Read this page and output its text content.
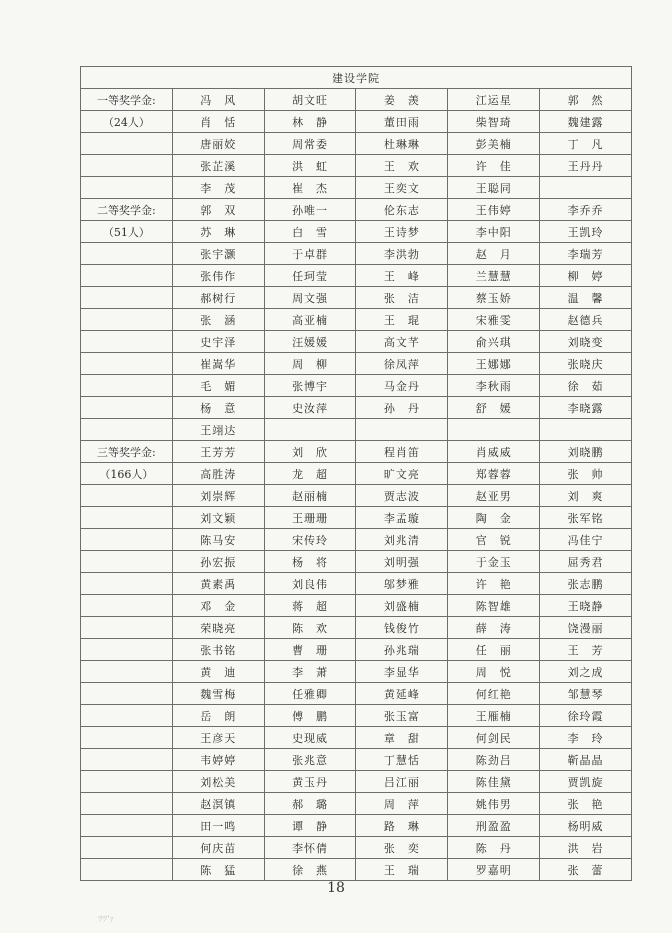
建设学院					
一等奖学金:	冯　风	胡文旺	姜　羡	江运星	郭　然
（24人）	肖　恬	林　静	董田雨	柴智琦	魏建露
	唐丽姣	周常委	杜琳琳	彭美楠	丁　凡
	张芷溪	洪　虹	王　欢	许　佳	王丹丹
	李　茂	崔　杰	王奕文	王聪同	
二等奖学金:	郭　双	孙唯一	伦东志	王伟婷	李乔乔
（51人）	苏　琳	白　雪	王诗梦	李中阳	王凯玲
	张宇灏	于卓群	李洪勃	赵　月	李瑞芳
	张伟作	任珂莹	王　峰	兰慧慧	柳　婷
	郝树行	周文强	张　洁	蔡玉娇	温　馨
	张　涵	高亚楠	王　琨	宋雅雯	赵德兵
	史宇泽	汪媛媛	高文芊	俞兴琪	刘晓变
	崔嵩华	周　柳	徐凤萍	王娜娜	张晓庆
	毛　媚	张博宇	马金丹	李秋雨	徐　茹
	杨　意	史汝萍	孙　丹	舒　媛	李晓露
	王翊达				
三等奖学金:	王芳芳	刘　欣	程肖笛	肖威威	刘晓鹏
（166人）	高胜涛	龙　超	旷文亮	郑蓉蓉	张　帅
	刘崇辉	赵丽楠	贾志波	赵亚男	刘　爽
	刘文颖	王珊珊	李孟璇	陶　金	张军铭
	陈马安	宋传玲	刘兆清	官　锐	冯佳宁
	孙宏振	杨　将	刘明强	于金玉	屈秀君
	黄素禹	刘良伟	邬梦雅	许　艳	张志鹏
	邓　金	蒋　超	刘盛楠	陈智雄	王晓静
	荣晓亮	陈　欢	钱俊竹	薛　涛	饶漫丽
	张书铭	曹　珊	孙兆瑞	任　丽	王　芳
	黄　迪	李　萧	李显华	周　悦	刘之成
	魏雪梅	任雅卿	黄延峰	何红艳	邹慧琴
	岳　朗	傅　鹏	张玉富	王雁楠	徐玲霞
	王彦天	史现威	章　甜	何剑民	李　玲
	韦婷婷	张兆意	丁慧恬	陈劲吕	靳晶晶
	刘松美	黄玉丹	吕江丽	陈佳黛	贾凯旋
	赵溟镇	郝　璐	周　萍	姚伟男	张　艳
	田一鸣	谭　静	路　琳	刑盈盈	杨明威
	何庆苗	李怀倩	张　奕	陈　丹	洪　岩
	陈　猛	徐　燕	王　瑞	罗嘉明	张　蕾
18
ﾂﾂ'ｧ
